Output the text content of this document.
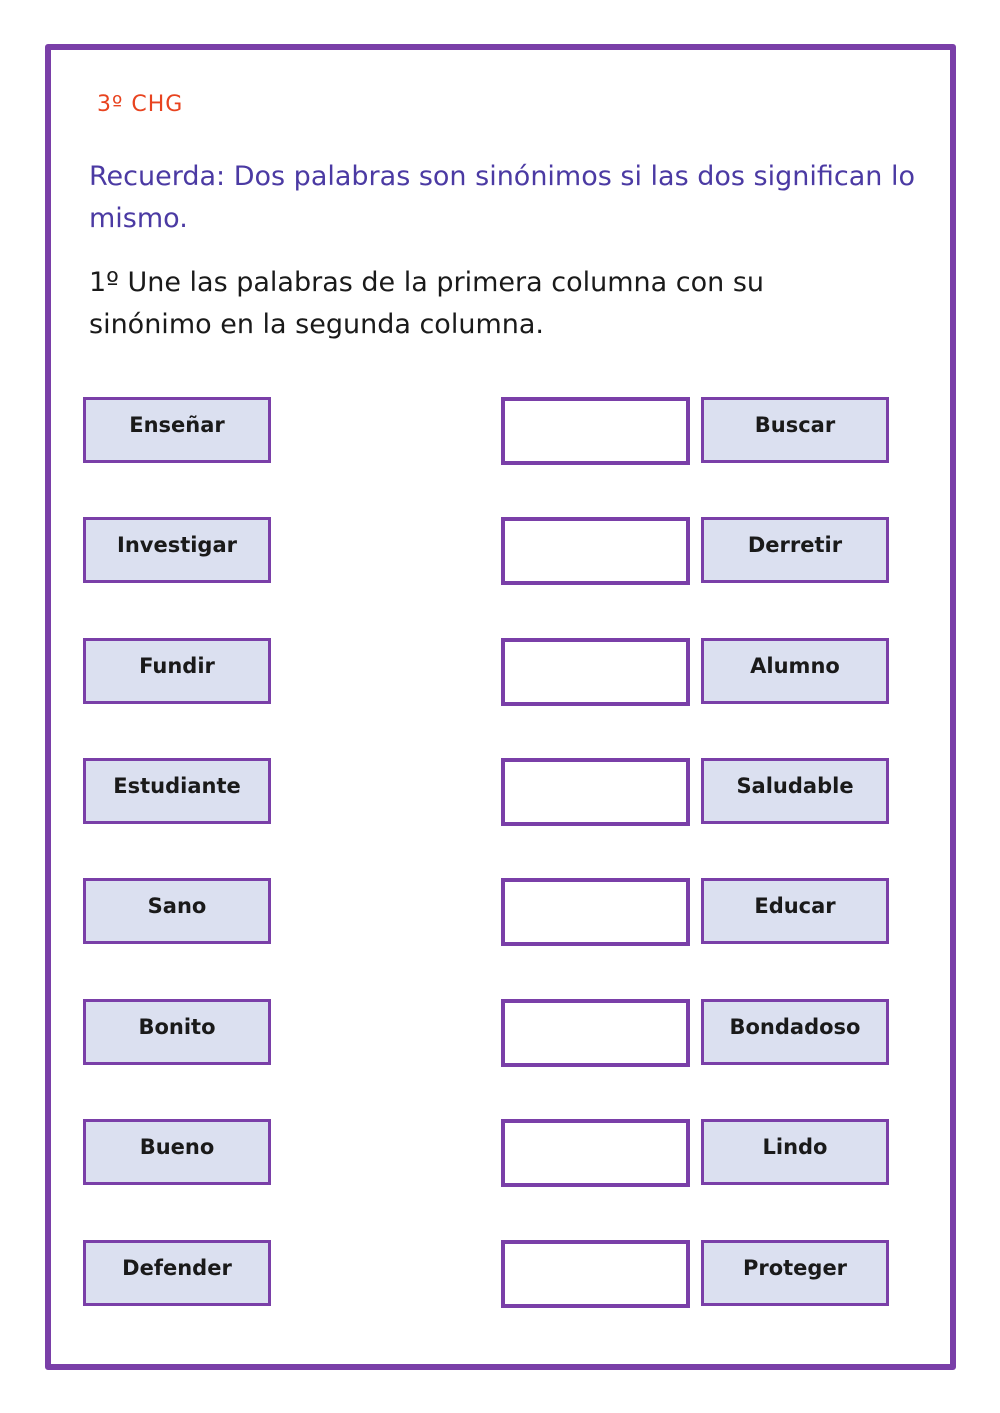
3º CHG
Recuerda: Dos palabras son sinónimos si las dos significan lo mismo.
1º Une las palabras de la primera columna con su sinónimo en la segunda columna.
Enseñar
Investigar
Fundir
Estudiante
Sano
Bonito
Bueno
Defender
Buscar
Derretir
Alumno
Saludable
Educar
Bondadoso
Lindo
Proteger
